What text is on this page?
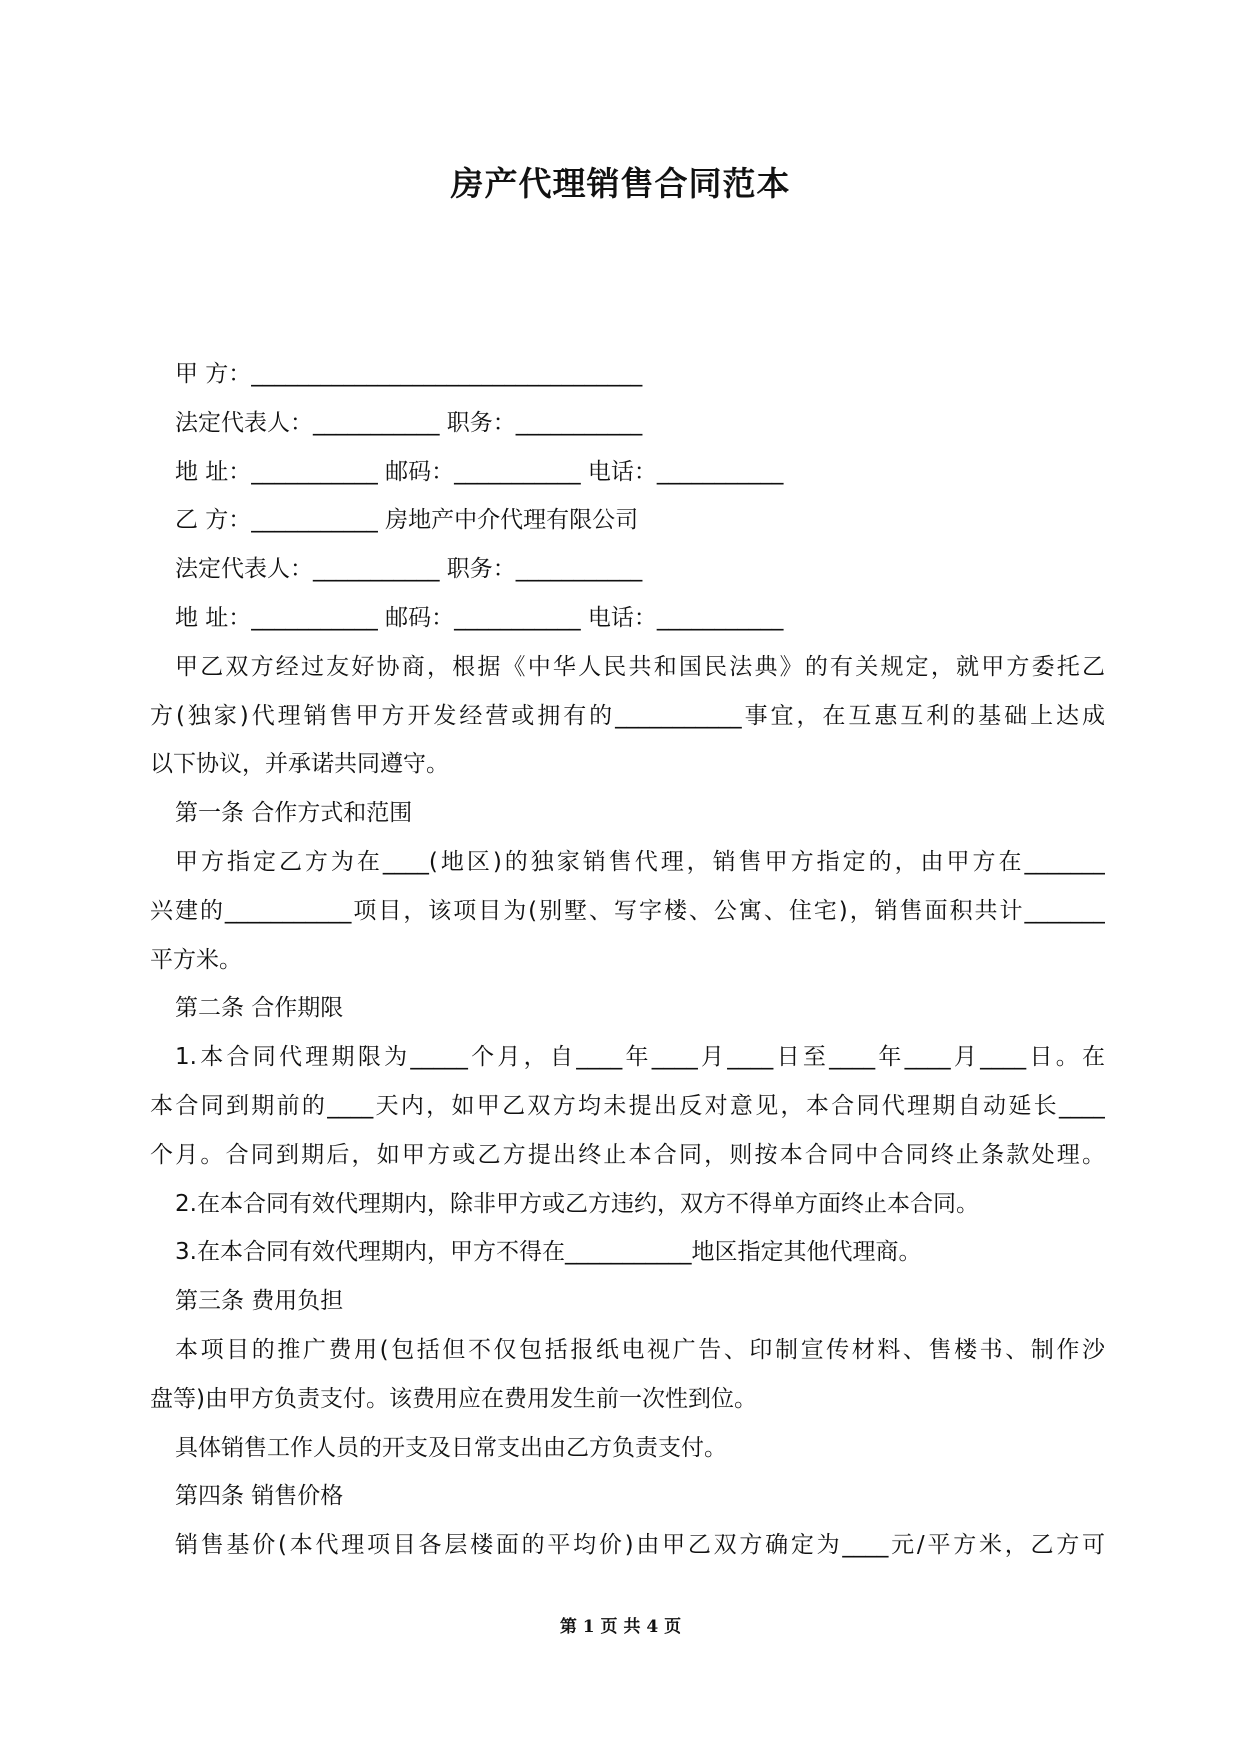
房产代理销售合同范本
甲 方：__________________________________
法定代表人：___________ 职务：___________
地 址：___________ 邮码：___________ 电话：___________
乙 方：___________ 房地产中介代理有限公司
法定代表人：___________ 职务：___________
地 址：___________ 邮码：___________ 电话：___________
甲乙双方经过友好协商，根据《中华人民共和国民法典》的有关规定，就甲方委托乙
方(独家)代理销售甲方开发经营或拥有的___________事宜，在互惠互利的基础上达成
以下协议，并承诺共同遵守。
第一条 合作方式和范围
甲方指定乙方为在____(地区)的独家销售代理，销售甲方指定的，由甲方在_______
兴建的___________项目，该项目为(别墅、写字楼、公寓、住宅)，销售面积共计_______
平方米。
第二条 合作期限
1.本合同代理期限为_____个月，自____年____月____日至____年____月____日。在
本合同到期前的____天内，如甲乙双方均未提出反对意见，本合同代理期自动延长____
个月。合同到期后，如甲方或乙方提出终止本合同，则按本合同中合同终止条款处理。
2.在本合同有效代理期内，除非甲方或乙方违约，双方不得单方面终止本合同。
3.在本合同有效代理期内，甲方不得在___________地区指定其他代理商。
第三条 费用负担
本项目的推广费用(包括但不仅包括报纸电视广告、印制宣传材料、售楼书、制作沙
盘等)由甲方负责支付。该费用应在费用发生前一次性到位。
具体销售工作人员的开支及日常支出由乙方负责支付。
第四条 销售价格
销售基价(本代理项目各层楼面的平均价)由甲乙双方确定为____元/平方米，乙方可
第 1 页 共 4 页
